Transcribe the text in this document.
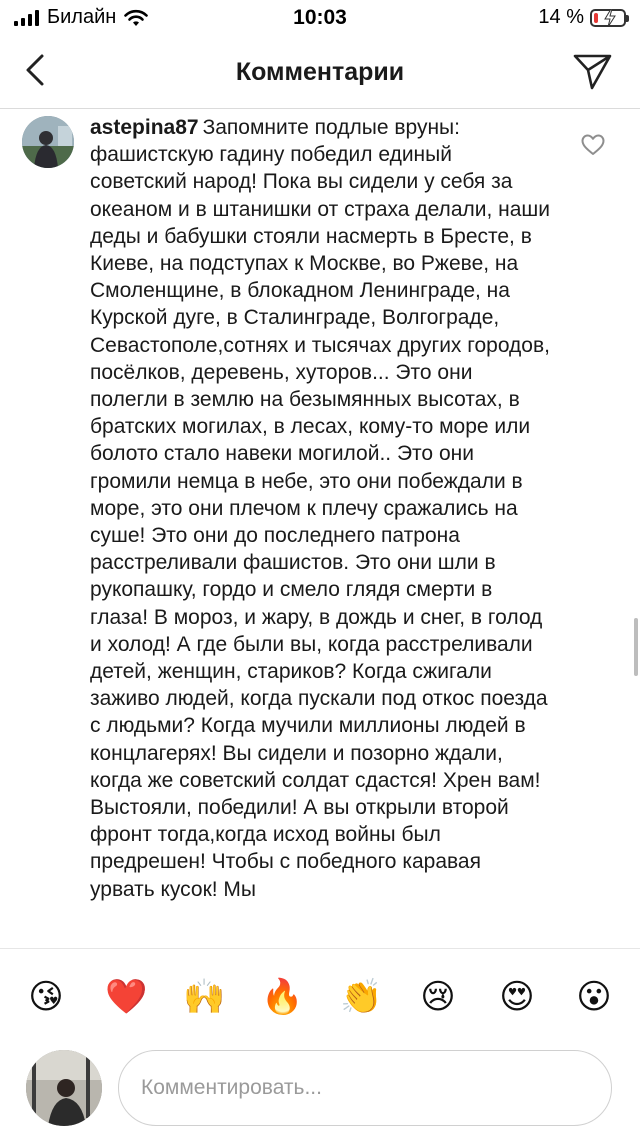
Билайн	10:03	14 %
Комментарии
astepina87 Запомните подлые вруны: фашистскую гадину победил единый советский народ! Пока вы сидели у себя за океаном и в штанишки от страха делали, наши деды и бабушки стояли насмерть в Бресте, в Киеве, на подступах к Москве, во Ржеве, на Смоленщине, в блокадном Ленинграде, на Курской дуге, в Сталинграде, Волгограде, Севастополе,сотнях и тысячах других городов, посёлков, деревень, хуторов... Это они полегли в землю на безымянных высотах, в братских могилах, в лесах, кому-то море или болото стало навеки могилой.. Это они громили немца в небе, это они побеждали в море, это они плечом к плечу сражались на суше! Это они до последнего патрона расстреливали фашистов. Это они шли в рукопашку, гордо и смело глядя смерти в глаза! В мороз, и жару, в дождь и снег, в голод и холод! А где были вы, когда расстреливали детей, женщин, стариков? Когда сжигали заживо людей, когда пускали под откос поезда с людьми? Когда мучили миллионы людей в концлагерях! Вы сидели и позорно ждали, когда же советский солдат сдастся! Хрен вам! Выстояли, победили! А вы открыли второй фронт тогда,когда исход войны был предрешен! Чтобы с победного каравая урвать кусок! Мы
😘 ❤️ 🙌 🔥 👏 😢 😍 😮
Комментировать...
